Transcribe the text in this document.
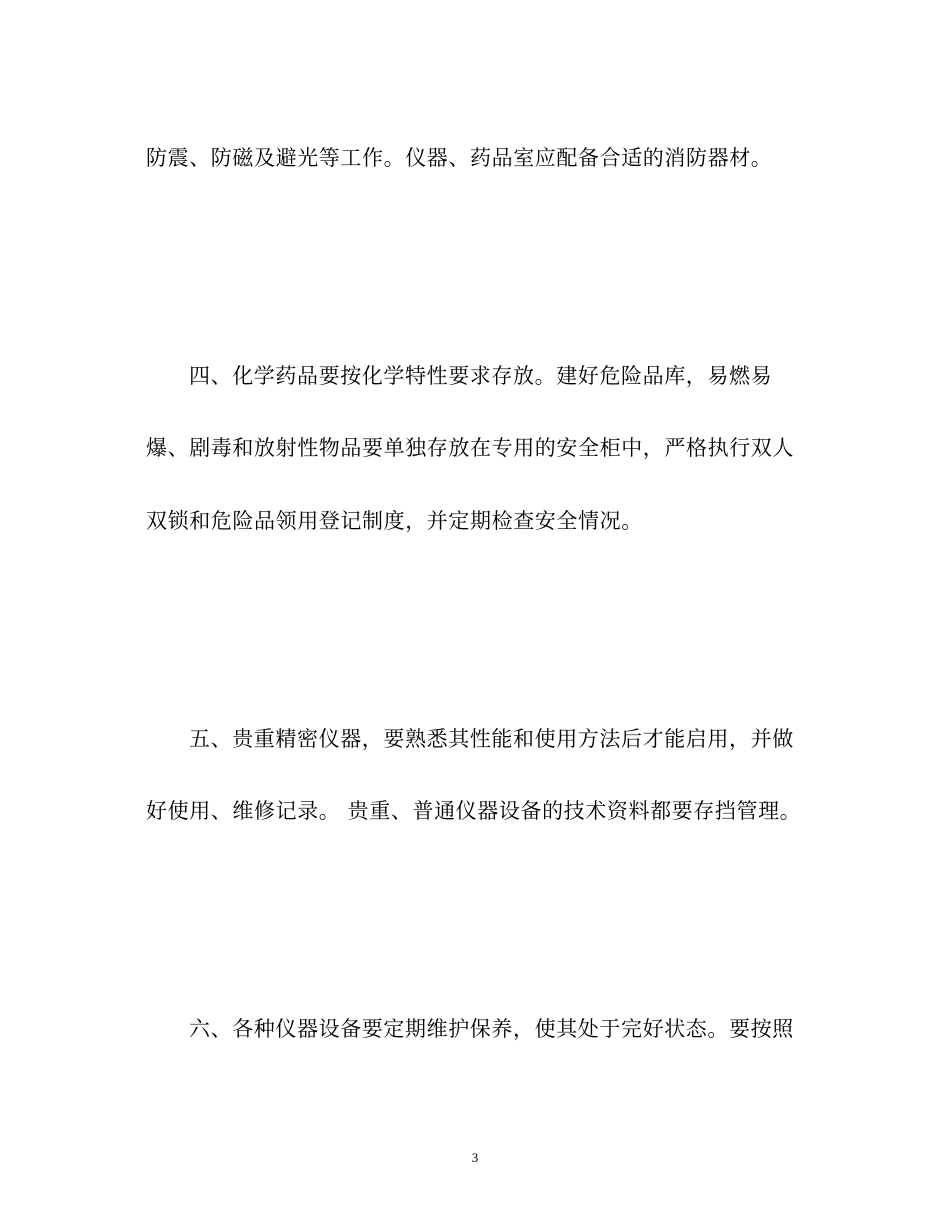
防震、防磁及避光等工作。仪器、药品室应配备合适的消防器材。
四、化学药品要按化学特性要求存放。建好危险品库，易燃易
爆、剧毒和放射性物品要单独存放在专用的安全柜中，严格执行双人
双锁和危险品领用登记制度，并定期检查安全情况。
五、贵重精密仪器，要熟悉其性能和使用方法后才能启用，并做
好使用、维修记录。 贵重、普通仪器设备的技术资料都要存挡管理。
六、各种仪器设备要定期维护保养，使其处于完好状态。要按照
3
